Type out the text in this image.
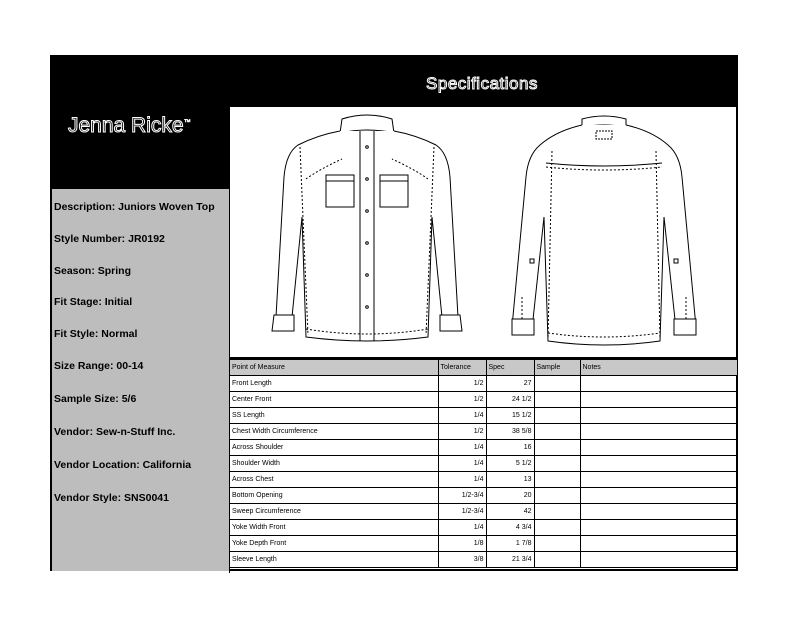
Specifications
Jenna Ricke™
Description: Juniors Woven Top
Style Number: JR0192
Season: Spring
Fit Stage: Initial
Fit Style: Normal
Size Range: 00-14
Sample Size: 5/6
Vendor: Sew-n-Stuff Inc.
Vendor Location: California
Vendor Style: SNS0041
Point of Measure	Tolerance	Spec	Sample	Notes
Front Length	1/2	27		
Center Front	1/2	24 1/2		
SS Length	1/4	15 1/2		
Chest Width Circumference	1/2	38 5/8		
Across Shoulder	1/4	16		
Shoulder Width	1/4	5 1/2		
Across Chest	1/4	13		
Bottom Opening	1/2-3/4	20		
Sweep Circumference	1/2-3/4	42		
Yoke Width Front	1/4	4 3/4		
Yoke Depth Front	1/8	1 7/8		
Sleeve Length	3/8	21 3/4		
